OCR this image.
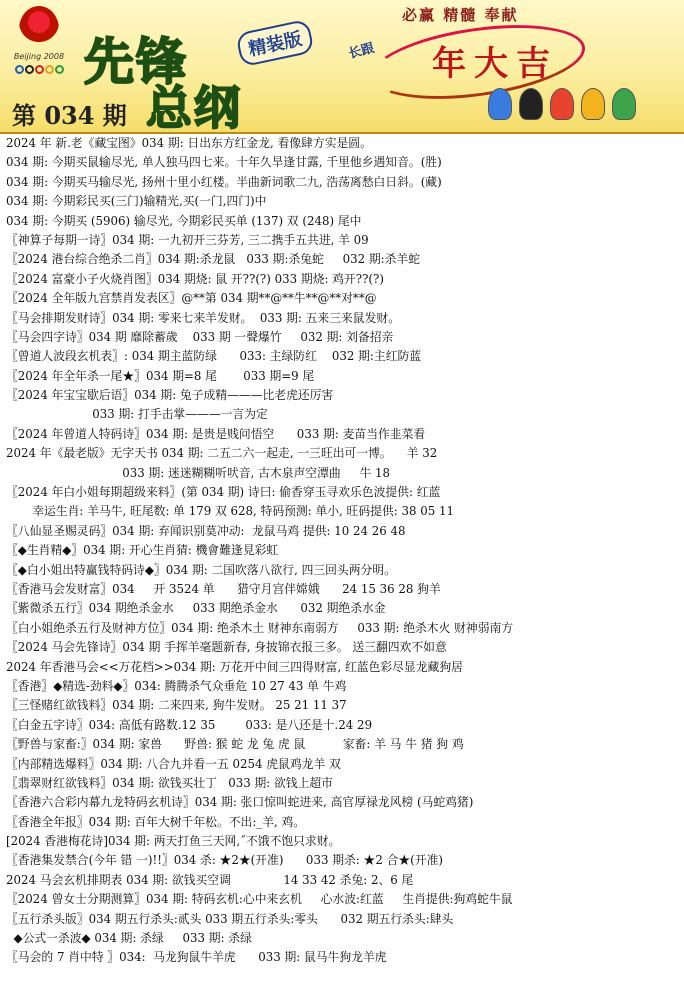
Beijing 2008 先锋
总纲
精装版
第 034 期
必赢 精髓 奉献
长跟 年大吉
2024 年 新.老《藏宝图》034 期: 日出东方红金龙, 看像肆方实是圆。
034 期: 今期买鼠输尽光, 单人独马四七来。十年久旱逢甘露, 千里他乡遇知音。(胜)
034 期: 今期买马输尽光, 扬州十里小红楼。半曲新词歌二九, 浩荡离愁白日斜。(藏)
034 期: 今期彩民买(三门)输精光,买(一门,四门)中
034 期: 今期买 (5906) 输尽光, 今期彩民买单 (137) 双 (248) 尾中
〖神算子每期一诗〗034 期: 一九初开三芬芳, 三二携手五共进, 羊 09
〖2024 港台综合绝杀二肖〗034 期:杀龙鼠   033 期:杀兔蛇     032 期:杀羊蛇
〖2024 富豪小子火烧肖图〗034 期烧: 鼠 开??(?) 033 期烧: 鸡开??(?)
〖2024 全年版九宫禁肖发表区〗@**第 034 期**@**牛**@**对**@
〖马会排期发财诗〗034 期: 零来七来羊发财。  033 期: 五来三来鼠发财。
〖马会四字诗〗034 期 靡除蓄歲    033 期 一聲爆竹     032 期: 刘备招亲
〖曾道人波段玄机表〗: 034 期主蓝防绿      033: 主绿防红    032 期:主红防蓝
〖2024 年全年杀一尾★〗034 期=8 尾       033 期=9 尾
〖2024 年宝宝歇后语〗034 期: 兔子成精———比老虎还厉害
033 期: 打手击掌———一言为定
〖2024 年曾道人特码诗〗034 期: 是贵是贱问悟空      033 期: 麦苗当作韭菜看
2024 年《最老版》无字天书 034 期: 二五二六一起走, 一三旺出可一博。    羊 32
033 期: 迷迷糊糊听吠音, 古木泉声空潭曲     牛 18
〖2024 年白小姐每期超级来料〗(第 034 期) 诗曰: 偷香穿玉寻欢乐色波提供: 红蓝
幸运生肖: 羊马牛, 旺尾数: 单 179 双 628, 特码预测: 单小, 旺码提供: 38 05 11
〖八仙显圣赐灵码〗034 期: 弃闻识别莫冲动:  龙鼠马鸡 提供: 10 24 26 48
〖◆生肖精◆〗034 期: 开心生肖猜: 機會難逢見彩虹
〖◆白小姐出特赢钱特码诗◆〗034 期: 二国吹落八欲行, 四三回头两分明。
〖香港马会发财富〗034     开 3524 单      猎守月宫伴嫦娥      24 15 36 28 狗羊
〖紫微杀五行〗034 期绝杀金水     033 期绝杀金水      032 期绝杀水金
〖白小姐绝杀五行及财神方位〗034 期: 绝杀木土 财神东南弱方     033 期: 绝杀木火 财神弱南方
〖2024 马会先锋诗〗034 期 手挥羊毫题新春, 身披锦衣报三多。 送三翻四欢不如意
2024 年香港马会<<万花档>>034 期: 万花开中间三四得财富, 红蓝色彩尽显龙藏狗居
〖香港〗◆精选-劲料◆〗034: 腾腾杀气众垂危 10 27 43 单 牛鸡
〖三怪赌红欲钱料〗034 期: 二来四来, 狗牛发财。 25 21 11 37
〖白金五字诗〗034: 高低有路数.12 35        033: 是八还是十.24 29
〖野兽与家畜:〗034 期: 家兽      野兽: 猴 蛇 龙 兔 虎 鼠          家畜: 羊 马 牛 猪 狗 鸡
〖内部精选爆料〗034 期: 八合九并看一五 0254 虎鼠鸡龙羊 双
〖翡翠财红欲钱料〗034 期: 欲钱买壮丁   033 期: 欲钱上超市
〖香港六合彩内幕九龙特码玄机诗〗034 期: 张口惊叫蛇进来, 高官厚禄龙风榜 (马蛇鸡猪)
〖香港全年报〗034 期: 百年大树千年松。不出:_羊, 鸡。
[2024 香港梅花诗]034 期: 两天打鱼三天网,˝不饿不饱只求财。
〖香港集发禁合(今年 错 一)!!〗034 杀: ★2★(开准)      033 期杀: ★2 合★(开准)
2024 马会玄机排期表 034 期: 欲钱买空调              14 33 42 杀兔: 2、6 尾
〖2024 曾女士分期测算〗034 期: 特码玄机:心中来玄机     心水波:红蓝     生肖提供:狗鸡蛇牛鼠
〖五行杀头版〗034 期五行杀头:贰头 033 期五行杀头:零头      032 期五行杀头:肆头
◆公式一杀波◆ 034 期: 杀绿     033 期: 杀绿
〖马会的 7 肖中特 〗034:  马龙狗鼠牛羊虎      033 期: 鼠马牛狗龙羊虎
